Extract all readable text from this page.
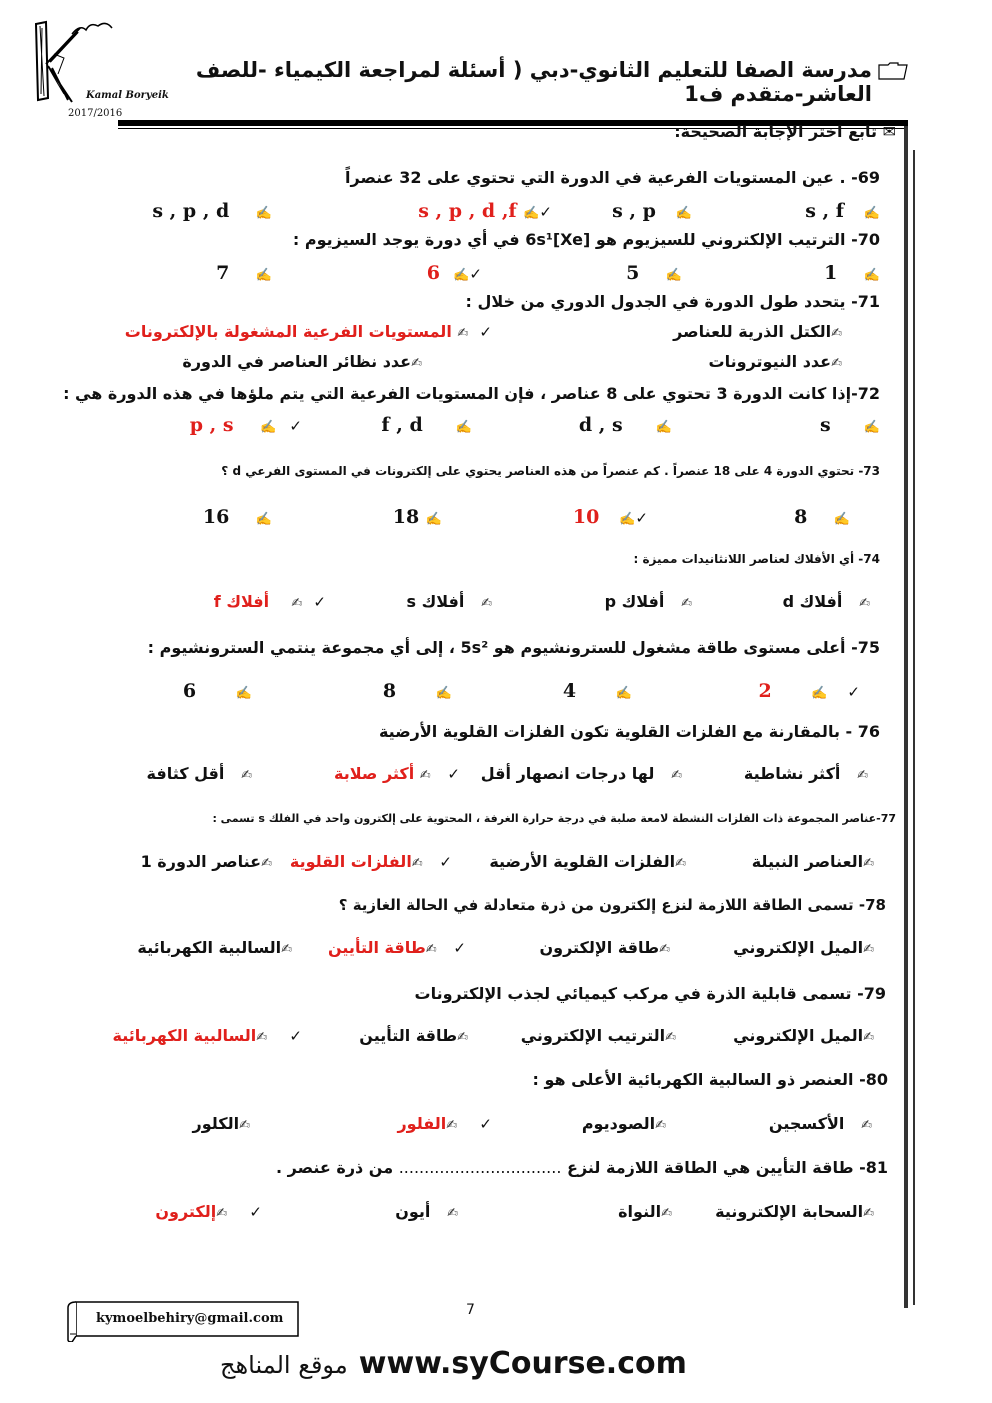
Kamal Boryeik
2017/2016
مدرسة الصفا للتعليم الثانوي-دبي ( أسئلة لمراجعة الكيمياء -للصف العاشر-متقدم ف1
✉ تابع اختر الإجابة الصحيحة:
69- . عين المستويات الفرعية في الدورة التي تحتوي على 32 عنصراً
✍   s , f
✍   s , p
✓✍ s , p , d ,f
✍    s , p , d
70- الترتيب الإلكتروني للسيزيوم هو [Xe]6s¹ في أي دورة يوجد السيزيوم :
✍    1
✍    5
✓✍  6
✍    7
71- يتحدد طول الدورة في الجدول الدوري من خلال :
✍الكتل الذرية للعناصر
✓  ✍ المستويات الفرعية المشغولة بالإلكترونات
✍عدد النيوترونات
✍عدد نظائر العناصر في الدورة
72-إذا كانت الدورة 3 تحتوي على 8 عناصر ، فإن المستويات الفرعية التي يتم ملؤها في هذه الدورة هي :
✍     s
✍     d , s
✍     f , d
✓  ✍    p , s
73- تحتوي الدورة 4 على 18 عنصراً . كم عنصراً من هذه العناصر يحتوي على إلكترونات في المستوى الفرعي d ؟
✍    8
✓✍   10
✍ 18
✍    16
74- أي الأفلاك لعناصر اللانثانيدات مميزة :
✍   أفلاك d
✍   أفلاك p
✍   أفلاك s
✓  ✍    أفلاك f
75- أعلى مستوى طاقة مشغول للسترونشيوم هو 5s² ، إلى أي مجموعة ينتمي السترونشيوم :
✓   ✍      2
✍      4
✍      8
✍      6
76 - بالمقارنة مع الفلزات القلوية تكون الفلزات القلوية الأرضية
✍   أكثر نشاطية
✍   لها درجات انصهار أقل
✓   ✍ أكثر صلابة
✍   أقل كثافة
77-عناصر المجموعة ذات الفلزات النشطة لامعة صلبة في درجة حرارة الغرفة ، المحتوية على إلكترون واحد في الفلك s تسمى :
✍العناصر النبيلة
✍الفلزات القلوية الأرضية
✓   ✍الفلزات القلوية
✍عناصر الدورة 1
78- تسمى الطاقة اللازمة لنزع إلكترون من ذرة متعادلة في الحالة الغازية ؟
✍الميل الإلكتروني
✍طاقة الإلكترون
✓   ✍طاقة التأيين
✍السالبية الكهربائية
79- تسمى قابلية الذرة في مركب كيميائي لجذب الإلكترونات
✍الميل الإلكتروني
✍الترتيب الإلكتروني
✍طاقة التأيين
✓    ✍السالبية الكهربائية
80- العنصر ذو السالبية الكهربائية الأعلى هو :
✍   الأكسجين
✍الصوديوم
✓    ✍الفلور
✍الكلور
81- طاقة التأيين هي الطاقة اللازمة لنزع ................................ من ذرة عنصر .
✍السحابة الإلكترونية
✍النواة
✍   أيون
✓    ✍إلكترون
kymoelbehiry@gmail.com
7
موقع المناهج www.syCourse.com
